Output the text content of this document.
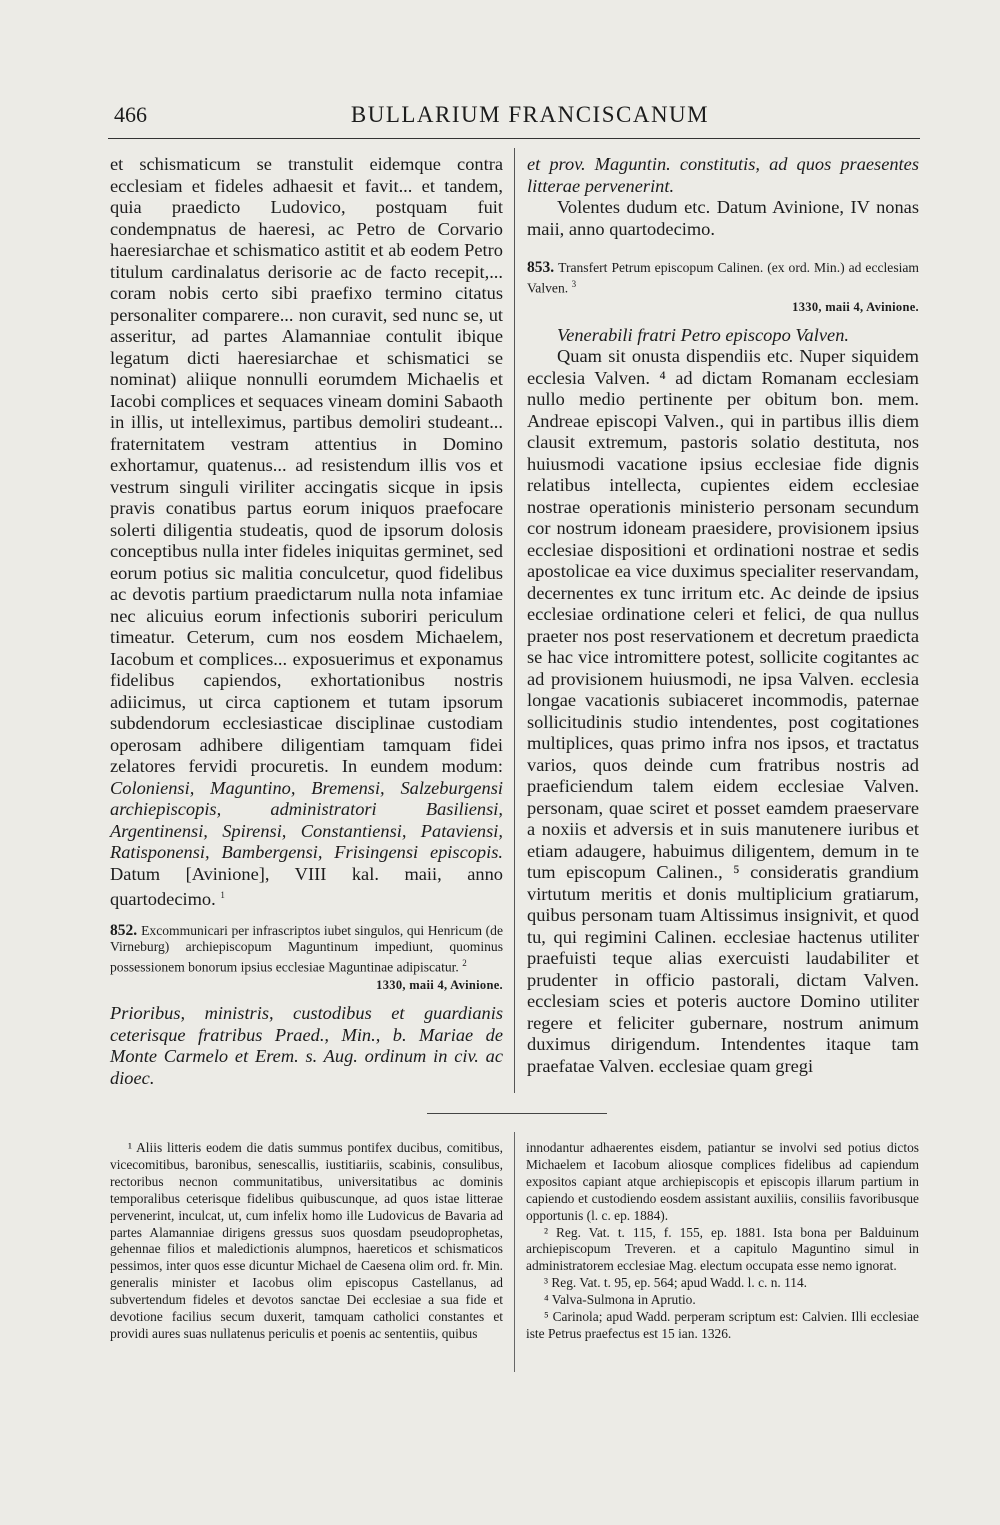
466	BULLARIUM FRANCISCANUM

et schismaticum se transtulit eidemque contra ecclesiam et fideles adhaesit et favit... et tandem, quia praedicto Ludovico, postquam fuit condempnatus de haeresi, ac Petro de Corvario haeresiarchae et schismatico astitit et ab eodem Petro titulum cardinalatus derisorie ac de facto recepit,... coram nobis certo sibi praefixo termino citatus personaliter comparere... non curavit, sed nunc se, ut asseritur, ad partes Alamanniae contulit ibique legatum dicti haeresiarchae et schismatici se nominat) aliique nonnulli eorumdem Michaelis et Iacobi complices et sequaces vineam domini Sabaoth in illis, ut intelleximus, partibus demoliri studeant... fraternitatem vestram attentius in Domino exhortamur, quatenus... ad resistendum illis vos et vestrum singuli viriliter accingatis sicque in ipsis pravis conatibus partus eorum iniquos praefocare solerti diligentia studeatis, quod de ipsorum dolosis conceptibus nulla inter fideles iniquitas germinet, sed eorum potius sic malitia conculcetur, quod fidelibus ac devotis partium praedictarum nulla nota infamiae nec alicuius eorum infectionis suboriri periculum timeatur. Ceterum, cum nos eosdem Michaelem, Iacobum et complices... exposuerimus et exponamus fidelibus capiendos, exhortationibus nostris adiicimus, ut circa captionem et tutam ipsorum subdendorum ecclesiasticae disciplinae custodiam operosam adhibere diligentiam tamquam fidei zelatores fervidi procuretis. In eundem modum: Coloniensi, Maguntino, Bremensi, Salzeburgensi archiepiscopis, administratori Basiliensi, Argentinensi, Spirensi, Constantiensi, Pataviensi, Ratisponensi, Bambergensi, Frisingensi episcopis. Datum [Avinione], VIII kal. maii, anno quartodecimo. $^1$

852. Excommunicari per infrascriptos iubet singulos, qui Henricum (de Virneburg) archiepiscopum Maguntinum impediunt, quominus possessionem bonorum ipsius ecclesiae Maguntinae adipiscatur. $^2$

1330, maii 4, Avinione.

Prioribus, ministris, custodibus et guardianis ceterisque fratribus Praed., Min., b. Mariae de Monte Carmelo et Erem. s. Aug. ordinum in civ. ac dioec.

et prov. Maguntin. constitutis, ad quos praesentes litterae pervenerint.

Volentes dudum etc. Datum Avinione, IV nonas maii, anno quartodecimo.

853. Transfert Petrum episcopum Calinen. (ex ord. Min.) ad ecclesiam Valven. $^3$

1330, maii 4, Avinione.

Venerabili fratri Petro episcopo Valven.

Quam sit onusta dispendiis etc. Nuper siquidem ecclesia Valven. ⁴ ad dictam Romanam ecclesiam nullo medio pertinente per obitum bon. mem. Andreae episcopi Valven., qui in partibus illis diem clausit extremum, pastoris solatio destituta, nos huiusmodi vacatione ipsius ecclesiae fide dignis relatibus intellecta, cupientes eidem ecclesiae nostrae operationis ministerio personam secundum cor nostrum idoneam praesidere, provisionem ipsius ecclesiae dispositioni et ordinationi nostrae et sedis apostolicae ea vice duximus specialiter reservandam, decernentes ex tunc irritum etc. Ac deinde de ipsius ecclesiae ordinatione celeri et felici, de qua nullus praeter nos post reservationem et decretum praedicta se hac vice intromittere potest, sollicite cogitantes ac ad provisionem huiusmodi, ne ipsa Valven. ecclesia longae vacationis subiaceret incommodis, paternae sollicitudinis studio intendentes, post cogitationes multiplices, quas primo infra nos ipsos, et tractatus varios, quos deinde cum fratribus nostris ad praeficiendum talem eidem ecclesiae Valven. personam, quae sciret et posset eamdem praeservare a noxiis et adversis et in suis manutenere iuribus et etiam adaugere, habuimus diligentem, demum in te tum episcopum Calinen., ⁵ consideratis grandium virtutum meritis et donis multiplicium gratiarum, quibus personam tuam Altissimus insignivit, et quod tu, qui regimini Calinen. ecclesiae hactenus utiliter praefuisti teque alias exercuisti laudabiliter et prudenter in officio pastorali, dictam Valven. ecclesiam scies et poteris auctore Domino utiliter regere et feliciter gubernare, nostrum animum duximus dirigendum. Intendentes itaque tam praefatae Valven. ecclesiae quam gregi

¹ Aliis litteris eodem die datis summus pontifex ducibus, comitibus, vicecomitibus, baronibus, senescallis, iustitiariis, scabinis, consulibus, rectoribus necnon communitatibus, universitatibus ac dominis temporalibus ceterisque fidelibus quibuscunque, ad quos istae litterae pervenerint, inculcat, ut, cum infelix homo ille Ludovicus de Bavaria ad partes Alamanniae dirigens gressus suos quosdam pseudoprophetas, gehennae filios et maledictionis alumpnos, haereticos et schismaticos pessimos, inter quos esse dicuntur Michael de Caesena olim ord. fr. Min. generalis minister et Iacobus olim episcopus Castellanus, ad subvertendum fideles et devotos sanctae Dei ecclesiae a sua fide et devotione facilius secum duxerit, tamquam catholici constantes et providi aures suas nullatenus periculis et poenis ac sententiis, quibus

innodantur adhaerentes eisdem, patiantur se involvi sed potius dictos Michaelem et Iacobum aliosque complices fidelibus ad capiendum expositos capiant atque archiepiscopis et episcopis illarum partium in capiendo et custodiendo eosdem assistant auxiliis, consiliis favoribusque opportunis (l. c. ep. 1884).

² Reg. Vat. t. 115, f. 155, ep. 1881. Ista bona per Balduinum archiepiscopum Treveren. et a capitulo Maguntino simul in administratorem ecclesiae Mag. electum occupata esse nemo ignorat.

³ Reg. Vat. t. 95, ep. 564; apud Wadd. l. c. n. 114.

⁴ Valva-Sulmona in Aprutio.

⁵ Carinola; apud Wadd. perperam scriptum est: Calvien. Illi ecclesiae iste Petrus praefectus est 15 ian. 1326.
